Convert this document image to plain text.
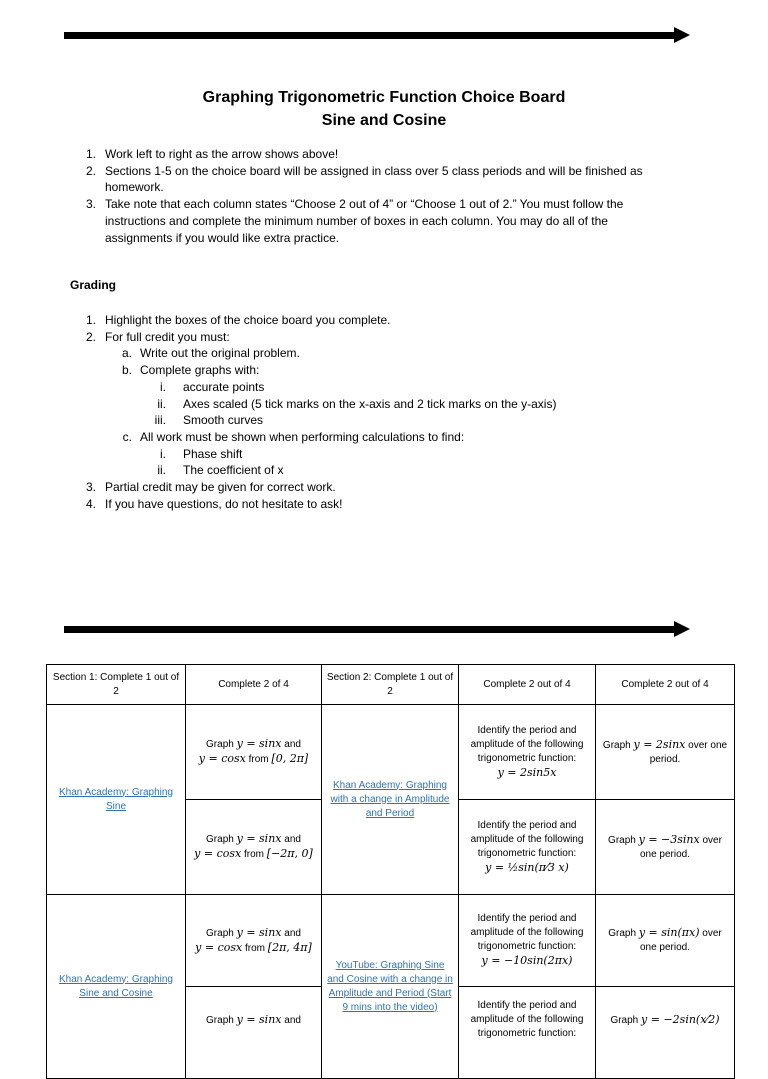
Graphing Trigonometric Function Choice Board
Sine and Cosine
1. Work left to right as the arrow shows above!
2. Sections 1-5 on the choice board will be assigned in class over 5 class periods and will be finished as
homework.
3. Take note that each column states “Choose 2 out of 4” or “Choose 1 out of 2.” You must follow the
instructions and complete the minimum number of boxes in each column. You may do all of the
assignments if you would like extra practice.
Grading
1. Highlight the boxes of the choice board you complete.
2. For full credit you must:
a. Write out the original problem.
b. Complete graphs with:
i. accurate points
ii. Axes scaled (5 tick marks on the x-axis and 2 tick marks on the y-axis)
iii. Smooth curves
c. All work must be shown when performing calculations to find:
i. Phase shift
ii. The coefficient of x
3. Partial credit may be given for correct work.
4. If you have questions, do not hesitate to ask!
Section 1: Complete 1 out of 2	Complete 2 of 4	Section 2: Complete 1 out of 2	Complete 2 out of 4	Complete 2 out of 4
Khan Academy: Graphing Sine	Graph y = sinx and
y = cosx from [0, 2π]	Khan Academy: Graphing with a change in Amplitude and Period	Identify the period and amplitude of the following trigonometric function:
y = 2sin5x	Graph y = 2sinx over one period.
	Graph y = sinx and
y = cosx from [−2π, 0]		Identify the period and amplitude of the following trigonometric function:
y = ½sin(π⁄3 x)	Graph y = −3sinx over one period.
Khan Academy: Graphing Sine and Cosine	Graph y = sinx and
y = cosx from [2π, 4π]	YouTube: Graphing Sine and Cosine with a change in Amplitude and Period (Start 9 mins into the video)	Identify the period and amplitude of the following trigonometric function:
y = −10sin(2πx)	Graph y = sin(πx) over one period.
	Graph y = sinx and		Identify the period and amplitude of the following trigonometric function:	Graph y = −2sin(x⁄2)
